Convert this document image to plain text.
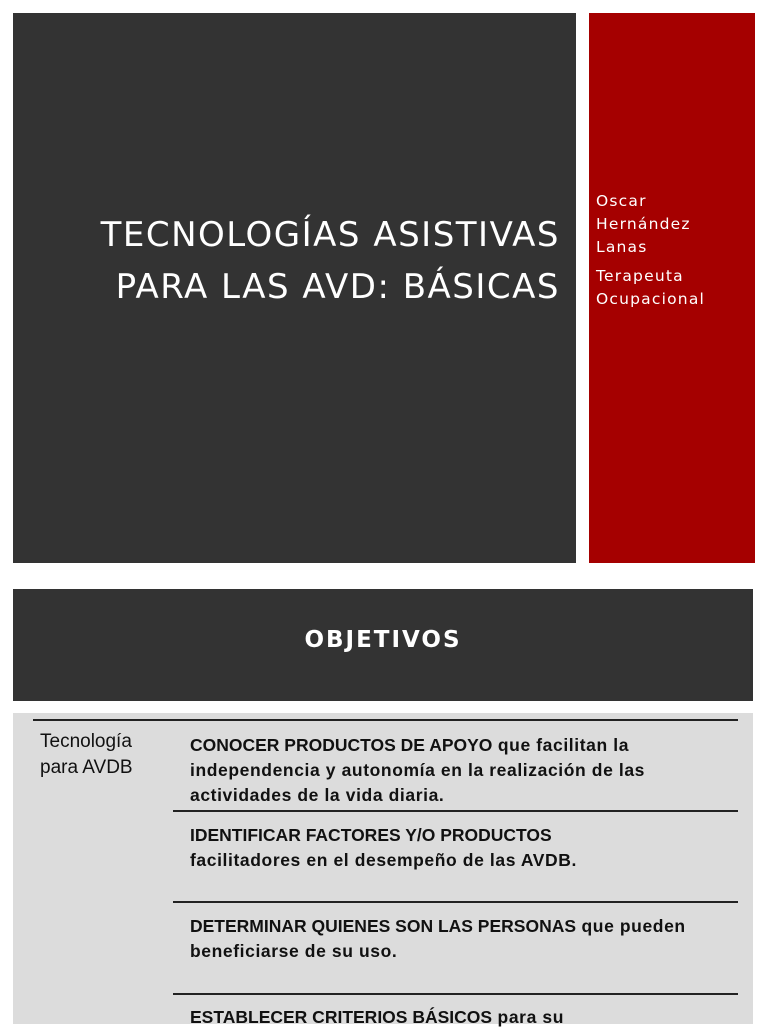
TECNOLOGÍAS ASISTIVAS
PARA LAS AVD: BÁSICAS
Oscar
Hernández
Lanas
Terapeuta
Ocupacional
OBJETIVOS
Tecnología
para AVDB
CONOCER PRODUCTOS DE APOYO que facilitan la independencia y autonomía en la realización de las actividades de la vida diaria.
IDENTIFICAR FACTORES Y/O PRODUCTOS
facilitadores en el desempeño de las AVDB.
DETERMINAR QUIENES SON LAS PERSONAS que pueden beneficiarse de su uso.
ESTABLECER CRITERIOS BÁSICOS para su
